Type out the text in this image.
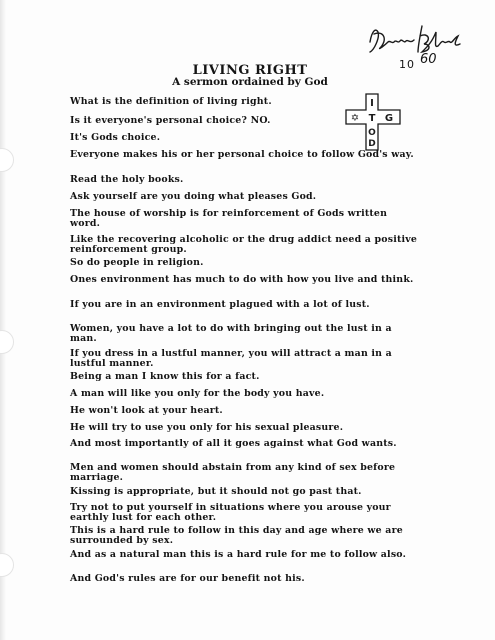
10 60
LIVING RIGHT
A sermon ordained by God
I
✡ T G
O
D
What is the definition of living right.
Is it everyone's personal choice? NO.
It's Gods choice.
Everyone makes his or her personal choice to follow God's way.
Read the holy books.
Ask yourself are you doing what pleases God.
The house of worship is for reinforcement of Gods written word.
Like the recovering alcoholic or the drug addict need a positive reinforcement group.
So do people in religion.
Ones environment has much to do with how you live and think.
If you are in an environment plagued with a lot of lust.
Women, you have a lot to do with bringing out the lust in a man.
If you dress in a lustful manner, you will attract a man in a lustful manner.
Being a man I know this for a fact.
A man will like you only for the body you have.
He won't look at your heart.
He will try to use you only for his sexual pleasure.
And most importantly of all it goes against what God wants.
Men and women should abstain from any kind of sex before marriage.
Kissing is appropriate, but it should not go past that.
Try not to put yourself in situations where you arouse your earthly lust for each other.
This is a hard rule to follow in this day and age where we are surrounded by sex.
And as a natural man this is a hard rule for me to follow also.
And God's rules are for our benefit not his.
